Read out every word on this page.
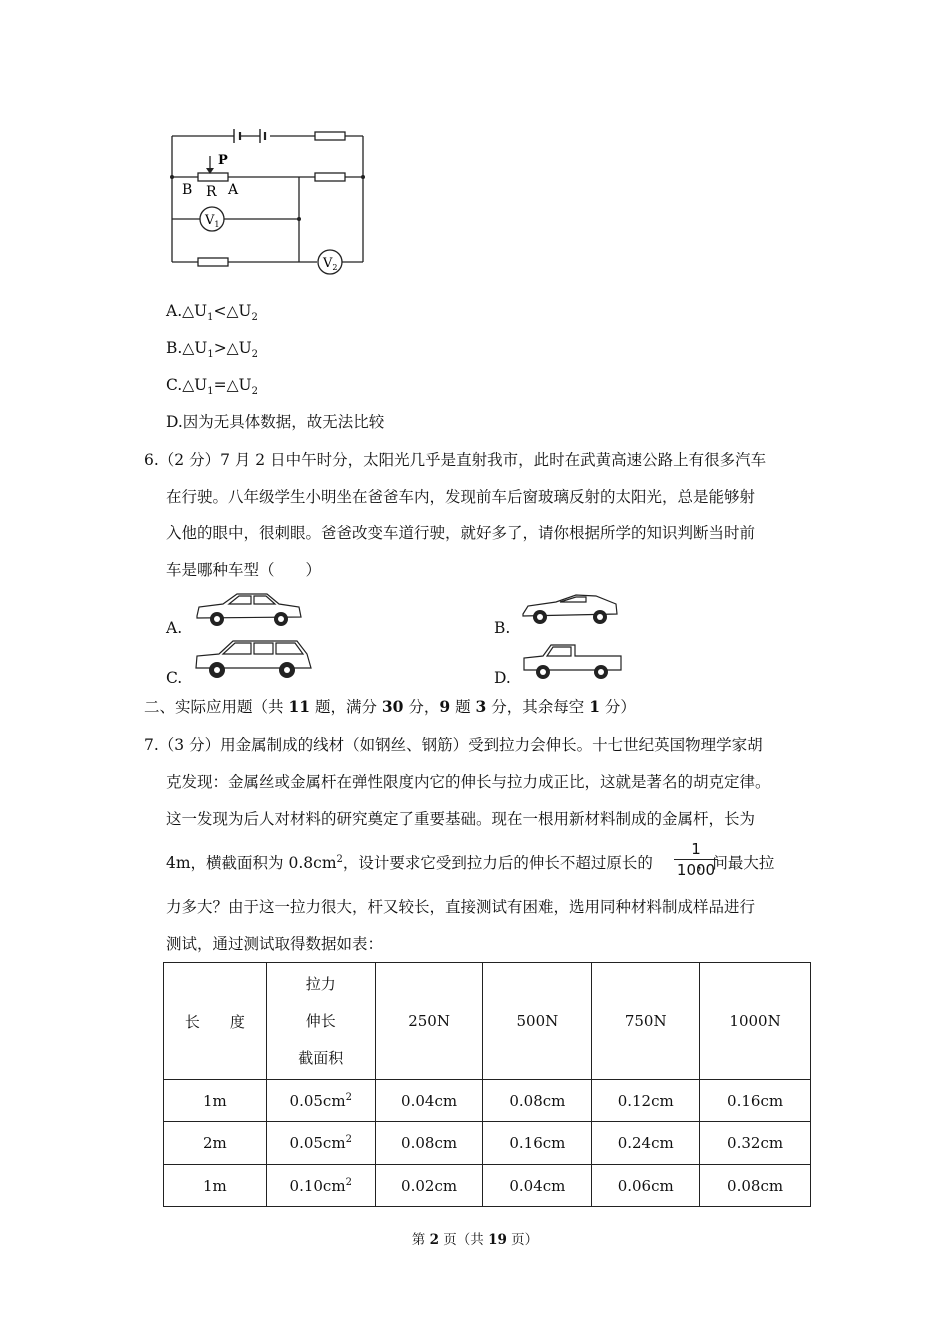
P
B R A
$V_1$
$V_2$
$A.\triangle U_1<\triangle U_2$
$B.\triangle U_1>\triangle U_2$
$C.\triangle U_1=\triangle U_2$
D.因为无具体数据，故无法比较
6.（2 分）7 月 2 日中午时分，太阳光几乎是直射我市，此时在武黄高速公路上有很多汽车
在行驶。八年级学生小明坐在爸爸车内，发现前车后窗玻璃反射的太阳光，总是能够射
入他的眼中，很刺眼。爸爸改变车道行驶，就好多了，请你根据所学的知识判断当时前
车是哪种车型（　　）
A.	B.
C.	D.
二、实际应用题（共 11 题，满分 30 分，9 题 3 分，其余每空 1 分）
7.（3 分）用金属制成的线材（如钢丝、钢筋）受到拉力会伸长。十七世纪英国物理学家胡
克发现：金属丝或金属杆在弹性限度内它的伸长与拉力成正比，这就是著名的胡克定律。
这一发现为后人对材料的研究奠定了重要基础。现在一根用新材料制成的金属杆，长为
4m，横截面积为 $0.8cm^2$，设计要求它受到拉力后的伸长不超过原长的	，问最大拉
1
1000
力多大？由于这一拉力很大，杆又较长，直接测试有困难，选用同种材料制成样品进行
测试，通过测试取得数据如表：
长　　度	拉力
伸长
截面积	250N	500N	750N	1000N
1m	$0.05cm^2$	0.04cm	0.08cm	0.12cm	0.16cm
2m	$0.05cm^2$	0.08cm	0.16cm	0.24cm	0.32cm
1m	$0.10cm^2$	0.02cm	0.04cm	0.06cm	0.08cm
第 2 页（共 19 页）
